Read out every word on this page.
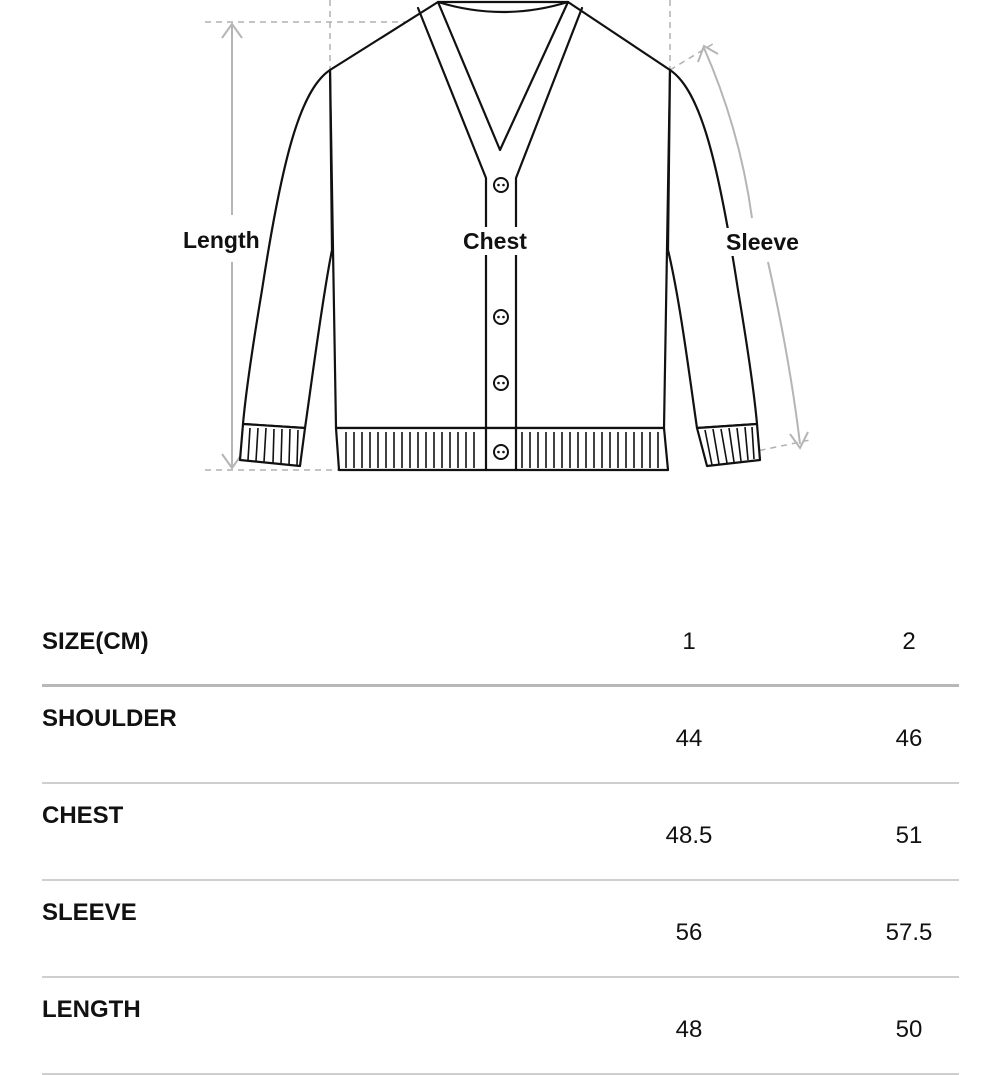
Length	Chest	Sleeve
SIZE(CM)		1		2
SHOULDER		44		46
CHEST		48.5		51
SLEEVE		56		57.5
LENGTH		48		50
